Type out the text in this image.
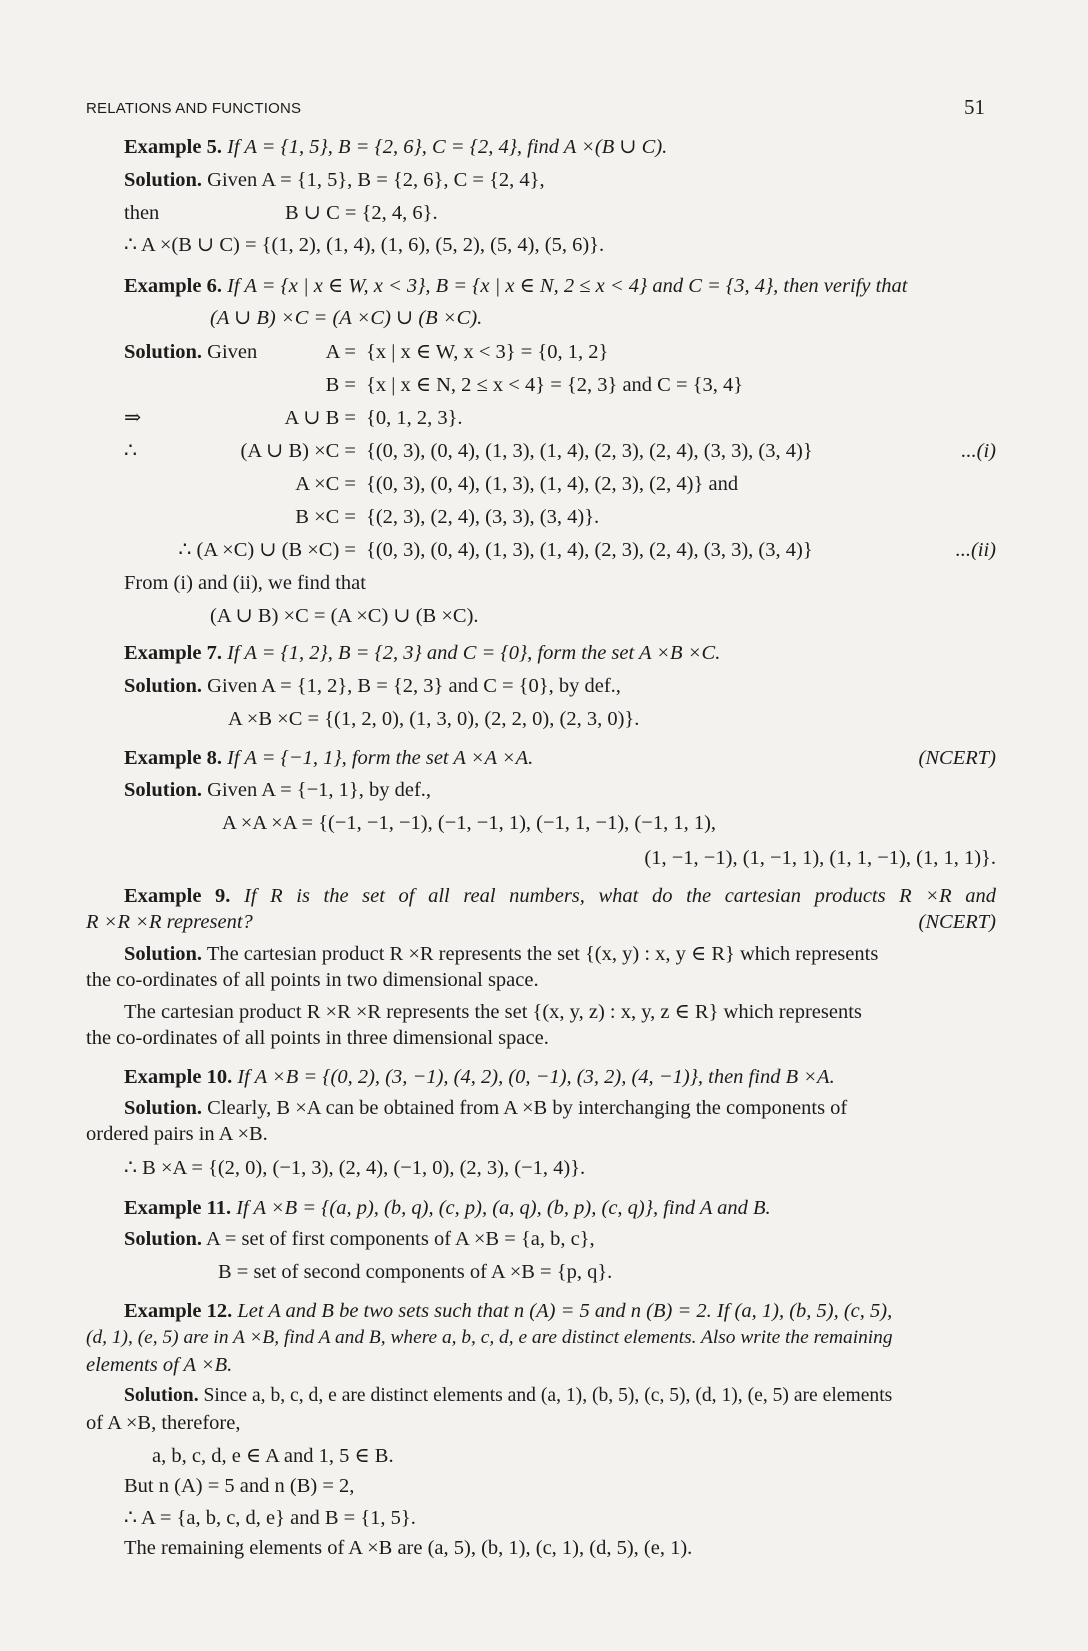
RELATIONS AND FUNCTIONS	51
Example 5. If A = {1, 5}, B = {2, 6}, C = {2, 4}, find A ×(B ∪ C).
Solution. Given A = {1, 5}, B = {2, 6}, C = {2, 4},
then	B ∪ C = {2, 4, 6}.
∴ A ×(B ∪ C) = {(1, 2), (1, 4), (1, 6), (5, 2), (5, 4), (5, 6)}.
Example 6. If A = {x | x ∈ W, x < 3}, B = {x | x ∈ N, 2 ≤ x < 4} and C = {3, 4}, then verify that
(A ∪ B) ×C = (A ×C) ∪ (B ×C).
Solution. Given	A = {x | x ∈ W, x < 3} = {0, 1, 2}
B = {x | x ∈ N, 2 ≤ x < 4} = {2, 3} and C = {3, 4}
⇒	A ∪ B = {0, 1, 2, 3}.
∴	(A ∪ B) ×C = {(0, 3), (0, 4), (1, 3), (1, 4), (2, 3), (2, 4), (3, 3), (3, 4)}	...(i)
A ×C = {(0, 3), (0, 4), (1, 3), (1, 4), (2, 3), (2, 4)} and
B ×C = {(2, 3), (2, 4), (3, 3), (3, 4)}.
∴ (A ×C) ∪ (B ×C) = {(0, 3), (0, 4), (1, 3), (1, 4), (2, 3), (2, 4), (3, 3), (3, 4)}	...(ii)
From (i) and (ii), we find that
(A ∪ B) ×C = (A ×C) ∪ (B ×C).
Example 7. If A = {1, 2}, B = {2, 3} and C = {0}, form the set A ×B ×C.
Solution. Given A = {1, 2}, B = {2, 3} and C = {0}, by def.,
A ×B ×C = {(1, 2, 0), (1, 3, 0), (2, 2, 0), (2, 3, 0)}.
Example 8. If A = {−1, 1}, form the set A ×A ×A.	(NCERT)
Solution. Given A = {−1, 1}, by def.,
A ×A ×A = {(−1, −1, −1), (−1, −1, 1), (−1, 1, −1), (−1, 1, 1),
(1, −1, −1), (1, −1, 1), (1, 1, −1), (1, 1, 1)}.
Example 9. If R is the set of all real numbers, what do the cartesian products R ×R and
R ×R ×R represent?	(NCERT)
Solution. The cartesian product R ×R represents the set {(x, y) : x, y ∈ R} which represents
the co-ordinates of all points in two dimensional space.
The cartesian product R ×R ×R represents the set {(x, y, z) : x, y, z ∈ R} which represents
the co-ordinates of all points in three dimensional space.
Example 10. If A ×B = {(0, 2), (3, −1), (4, 2), (0, −1), (3, 2), (4, −1)}, then find B ×A.
Solution. Clearly, B ×A can be obtained from A ×B by interchanging the components of
ordered pairs in A ×B.
∴ B ×A = {(2, 0), (−1, 3), (2, 4), (−1, 0), (2, 3), (−1, 4)}.
Example 11. If A ×B = {(a, p), (b, q), (c, p), (a, q), (b, p), (c, q)}, find A and B.
Solution. A = set of first components of A ×B = {a, b, c},
B = set of second components of A ×B = {p, q}.
Example 12. Let A and B be two sets such that n (A) = 5 and n (B) = 2. If (a, 1), (b, 5), (c, 5),
(d, 1), (e, 5) are in A ×B, find A and B, where a, b, c, d, e are distinct elements. Also write the remaining
elements of A ×B.
Solution. Since a, b, c, d, e are distinct elements and (a, 1), (b, 5), (c, 5), (d, 1), (e, 5) are elements
of A ×B, therefore,
a, b, c, d, e ∈ A and 1, 5 ∈ B.
But n (A) = 5 and n (B) = 2,
∴ A = {a, b, c, d, e} and B = {1, 5}.
The remaining elements of A ×B are (a, 5), (b, 1), (c, 1), (d, 5), (e, 1).
